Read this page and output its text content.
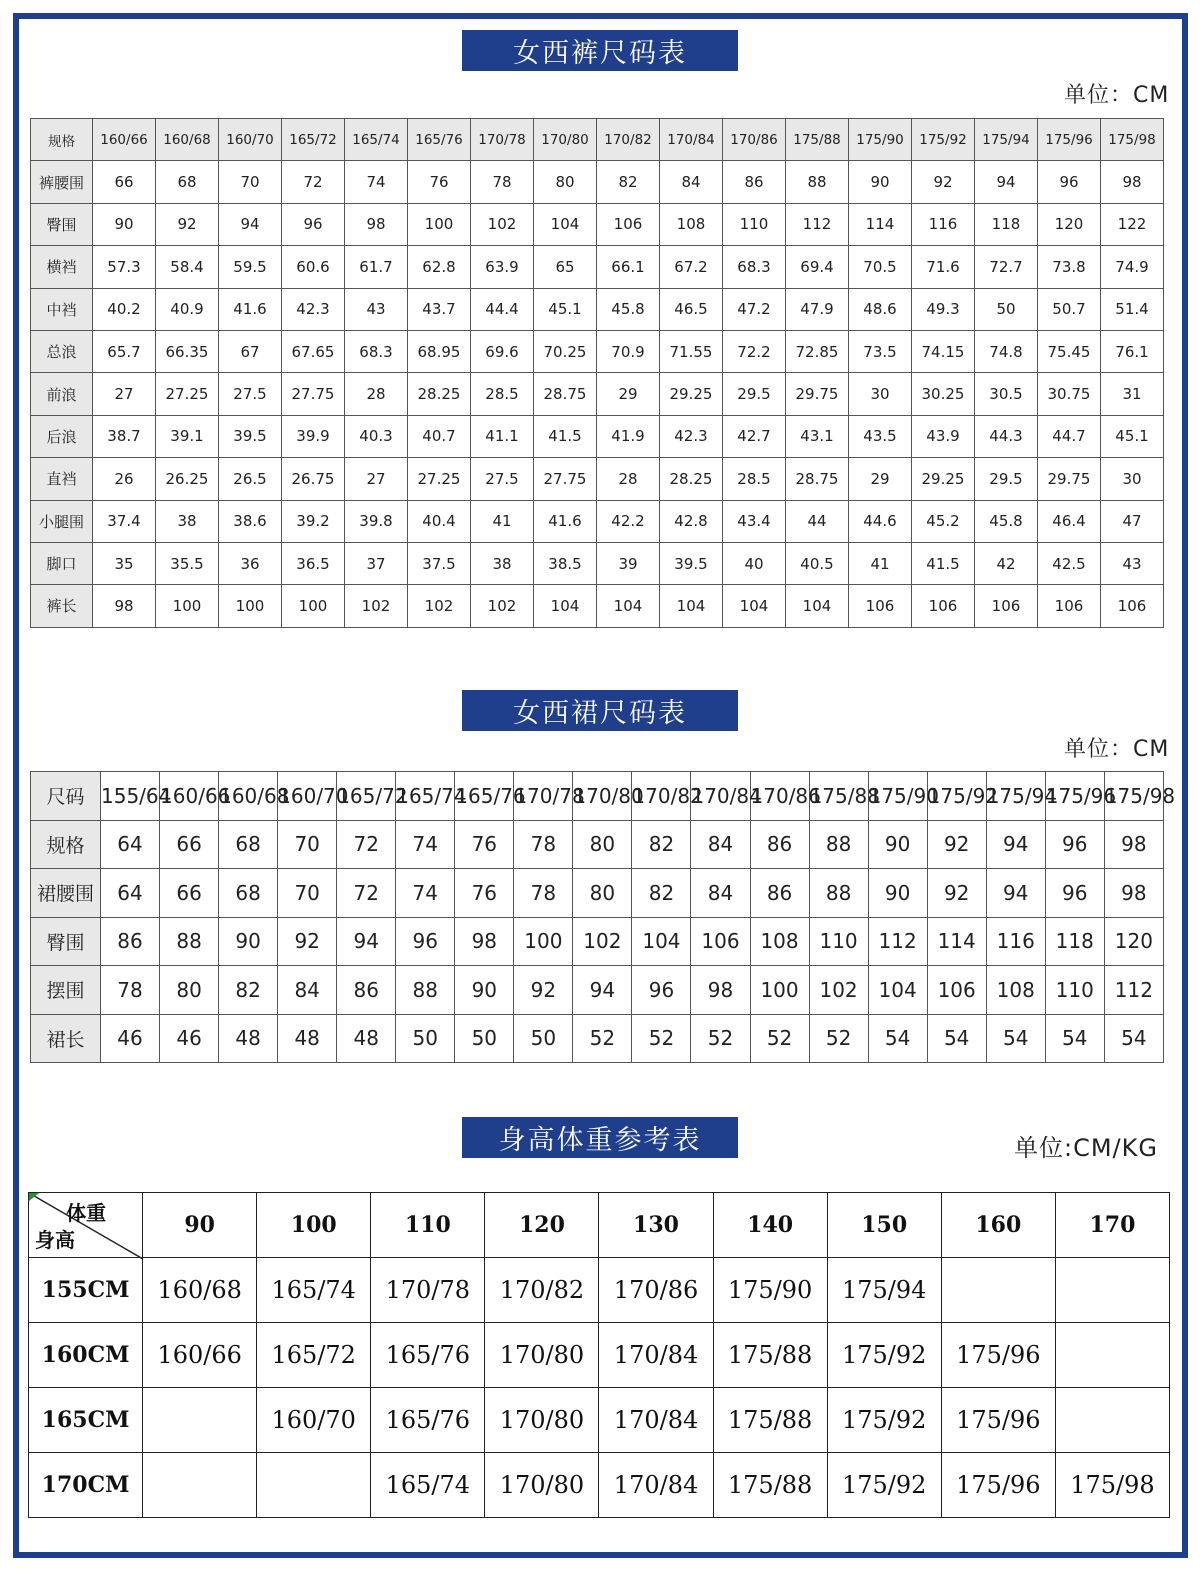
女西裤尺码表
单位：CM
规格	160/66	160/68	160/70	165/72	165/74	165/76	170/78	170/80	170/82	170/84	170/86	175/88	175/90	175/92	175/94	175/96	175/98
裤腰围	66	68	70	72	74	76	78	80	82	84	86	88	90	92	94	96	98
臀围	90	92	94	96	98	100	102	104	106	108	110	112	114	116	118	120	122
横裆	57.3	58.4	59.5	60.6	61.7	62.8	63.9	65	66.1	67.2	68.3	69.4	70.5	71.6	72.7	73.8	74.9
中裆	40.2	40.9	41.6	42.3	43	43.7	44.4	45.1	45.8	46.5	47.2	47.9	48.6	49.3	50	50.7	51.4
总浪	65.7	66.35	67	67.65	68.3	68.95	69.6	70.25	70.9	71.55	72.2	72.85	73.5	74.15	74.8	75.45	76.1
前浪	27	27.25	27.5	27.75	28	28.25	28.5	28.75	29	29.25	29.5	29.75	30	30.25	30.5	30.75	31
后浪	38.7	39.1	39.5	39.9	40.3	40.7	41.1	41.5	41.9	42.3	42.7	43.1	43.5	43.9	44.3	44.7	45.1
直裆	26	26.25	26.5	26.75	27	27.25	27.5	27.75	28	28.25	28.5	28.75	29	29.25	29.5	29.75	30
小腿围	37.4	38	38.6	39.2	39.8	40.4	41	41.6	42.2	42.8	43.4	44	44.6	45.2	45.8	46.4	47
脚口	35	35.5	36	36.5	37	37.5	38	38.5	39	39.5	40	40.5	41	41.5	42	42.5	43
裤长	98	100	100	100	102	102	102	104	104	104	104	104	106	106	106	106	106
女西裙尺码表
单位：CM
尺码	155/64	160/66	160/68	160/70	165/72	165/74	165/76	170/78	170/80	170/82	170/84	170/86	175/88	175/90	175/92	175/94	175/96	175/98
规格	64	66	68	70	72	74	76	78	80	82	84	86	88	90	92	94	96	98
裙腰围	64	66	68	70	72	74	76	78	80	82	84	86	88	90	92	94	96	98
臀围	86	88	90	92	94	96	98	100	102	104	106	108	110	112	114	116	118	120
摆围	78	80	82	84	86	88	90	92	94	96	98	100	102	104	106	108	110	112
裙长	46	46	48	48	48	50	50	50	52	52	52	52	52	54	54	54	54	54
身高体重参考表	单位:CM/KG
体重
身高	90	100	110	120	130	140	150	160	170
155CM	160/68	165/74	170/78	170/82	170/86	175/90	175/94		
160CM	160/66	165/72	165/76	170/80	170/84	175/88	175/92	175/96	
165CM		160/70	165/76	170/80	170/84	175/88	175/92	175/96	
170CM			165/74	170/80	170/84	175/88	175/92	175/96	175/98
